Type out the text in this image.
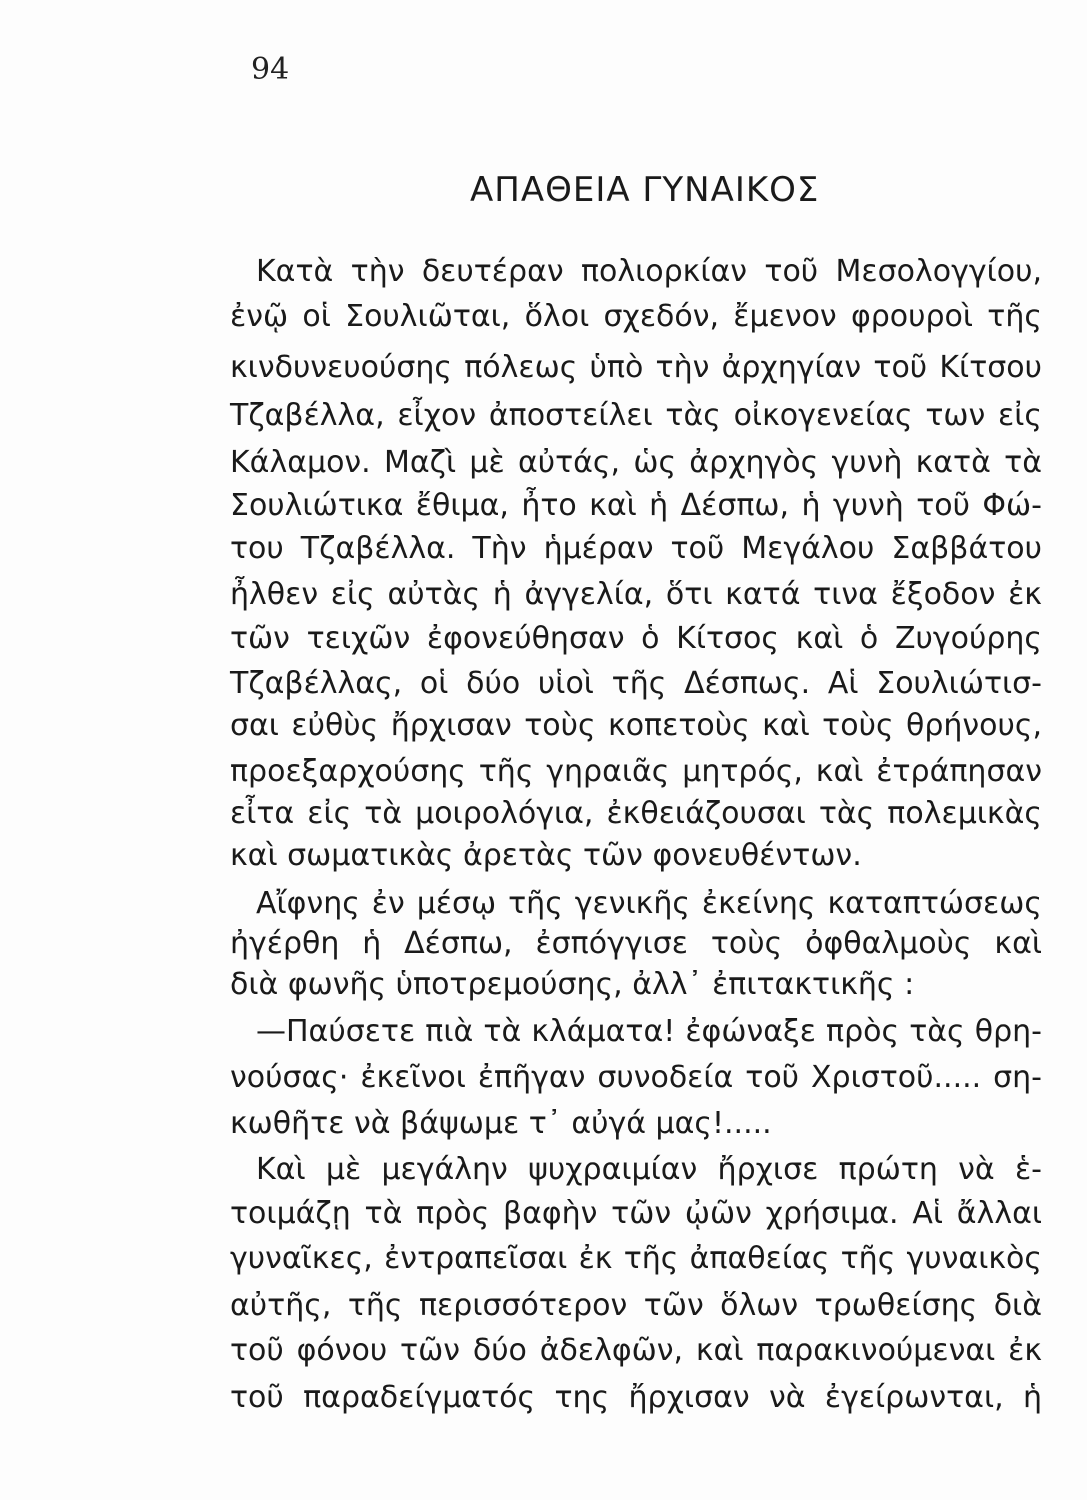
94
ΑΠΑΘΕΙΑ ΓΥΝΑΙΚΟΣ
Κατὰ τὴν δευτέραν πολιορκίαν τοῦ Μεσολογγίου,
ἐνῷ οἱ Σουλιῶται, ὅλοι σχεδόν, ἔμενον φρουροὶ τῆς
κινδυνευούσης πόλεως ὑπὸ τὴν ἀρχηγίαν τοῦ Κίτσου
Τζαβέλλα, εἶχον ἀποστείλει τὰς οἰκογενείας των εἰς
Κάλαμον. Μαζὶ μὲ αὐτάς, ὡς ἀρχηγὸς γυνὴ κατὰ τὰ
Σουλιώτικα ἔθιμα, ἦτο καὶ ἡ Δέσπω, ἡ γυνὴ τοῦ Φώ-
του Τζαβέλλα. Τὴν ἡμέραν τοῦ Μεγάλου Σαββάτου
ἦλθεν εἰς αὐτὰς ἡ ἀγγελία, ὅτι κατά τινα ἔξοδον ἐκ
τῶν τειχῶν ἐφονεύθησαν ὁ Κίτσος καὶ ὁ Ζυγούρης
Τζαβέλλας, οἱ δύο υἱοὶ τῆς Δέσπως. Αἱ Σουλιώτισ-
σαι εὐθὺς ἤρχισαν τοὺς κοπετοὺς καὶ τοὺς θρήνους,
προεξαρχούσης τῆς γηραιᾶς μητρός, καὶ ἐτράπησαν
εἶτα εἰς τὰ μοιρολόγια, ἐκθειάζουσαι τὰς πολεμικὰς
καὶ σωματικὰς ἀρετὰς τῶν φονευθέντων.
Αἴφνης ἐν μέσῳ τῆς γενικῆς ἐκείνης καταπτώσεως
ἠγέρθη ἡ Δέσπω, ἐσπόγγισε τοὺς ὀφθαλμοὺς καὶ
διὰ φωνῆς ὑποτρεμούσης, ἀλλ᾽ ἐπιτακτικῆς :
—Παύσετε πιὰ τὰ κλάματα! ἐφώναξε πρὸς τὰς θρη-
νούσας· ἐκεῖνοι ἐπῆγαν συνοδεία τοῦ Χριστοῦ..... ση-
κωθῆτε νὰ βάψωμε τ᾽ αὐγά μας!.....
Καὶ μὲ μεγάλην ψυχραιμίαν ἤρχισε πρώτη νὰ ἑ-
τοιμάζῃ τὰ πρὸς βαφὴν τῶν ᾠῶν χρήσιμα. Αἱ ἄλλαι
γυναῖκες, ἐντραπεῖσαι ἐκ τῆς ἀπαθείας τῆς γυναικὸς
αὐτῆς, τῆς περισσότερον τῶν ὅλων τρωθείσης διὰ
τοῦ φόνου τῶν δύο ἀδελφῶν, καὶ παρακινούμεναι ἐκ
τοῦ παραδείγματός της ἤρχισαν νὰ ἐγείρωνται, ἡ
